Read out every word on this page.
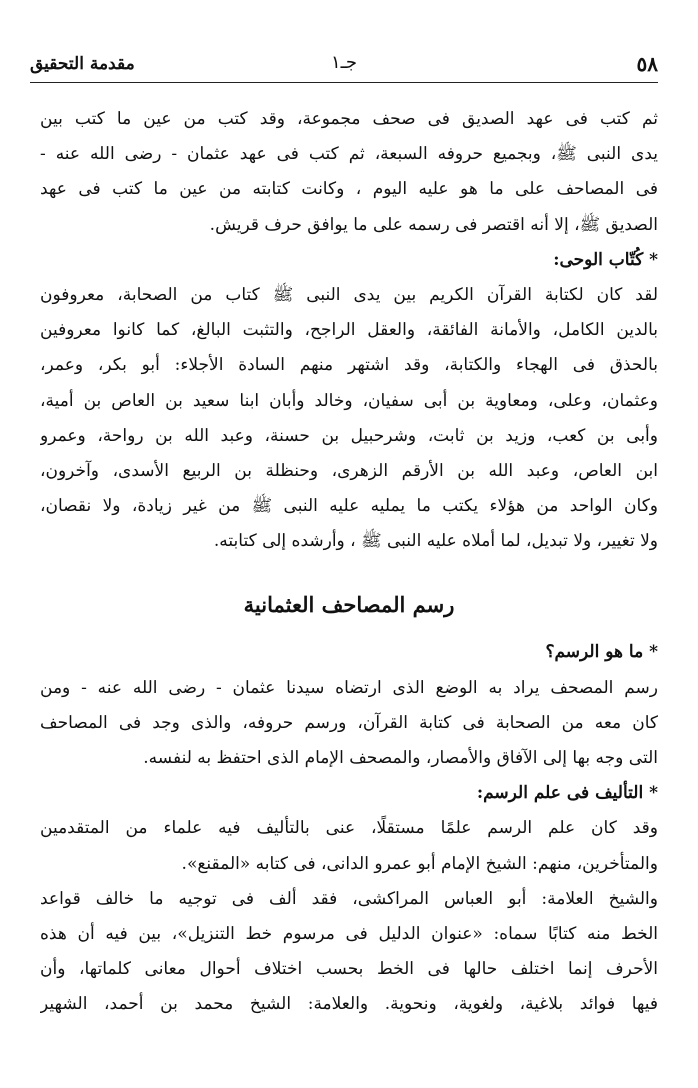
٥٨
جـ١
مقدمة التحقيق
ثم كتب فى عهد الصديق فى صحف مجموعة، وقد كتب من عين ما كتب بين
يدى النبى ﷺ، وبجميع حروفه السبعة، ثم كتب فى عهد عثمان - رضى الله عنه -
فى المصاحف على ما هو عليه اليوم ، وكانت كتابته من عين ما كتب فى عهد
الصديق ﷺ، إلا أنه اقتصر فى رسمه على ما يوافق حرف قريش.
* كُتّاب الوحى:
لقد كان لكتابة القرآن الكريم بين يدى النبى ﷺ كتاب من الصحابة، معروفون
بالدين الكامل، والأمانة الفائقة، والعقل الراجح، والتثبت البالغ، كما كانوا معروفين
بالحذق فى الهجاء والكتابة، وقد اشتهر منهم السادة الأجلاء: أبو بكر، وعمر،
وعثمان، وعلى، ومعاوية بن أبى سفيان، وخالد وأبان ابنا سعيد بن العاص بن أمية،
وأبى بن كعب، وزيد بن ثابت، وشرحبيل بن حسنة، وعبد الله بن رواحة، وعمرو
ابن العاص، وعبد الله بن الأرقم الزهرى، وحنظلة بن الربيع الأسدى، وآخرون،
وكان الواحد من هؤلاء يكتب ما يمليه عليه النبى ﷺ من غير زيادة، ولا نقصان،
ولا تغيير، ولا تبديل، لما أملاه عليه النبى ﷺ ، وأرشده إلى كتابته.
رسم المصاحف العثمانية
* ما هو الرسم؟
رسم المصحف يراد به الوضع الذى ارتضاه سيدنا عثمان - رضى الله عنه - ومن
كان معه من الصحابة فى كتابة القرآن، ورسم حروفه، والذى وجد فى المصاحف
التى وجه بها إلى الآفاق والأمصار، والمصحف الإمام الذى احتفظ به لنفسه.
* التأليف فى علم الرسم:
وقد كان علم الرسم علمًا مستقلًا، عنى بالتأليف فيه علماء من المتقدمين
والمتأخرين، منهم: الشيخ الإمام أبو عمرو الدانى، فى كتابه «المقنع».
والشيخ العلامة: أبو العباس المراكشى، فقد ألف فى توجيه ما خالف قواعد
الخط منه كتابًا سماه: «عنوان الدليل فى مرسوم خط التنزيل»، بين فيه أن هذه
الأحرف إنما اختلف حالها فى الخط بحسب اختلاف أحوال معانى كلماتها، وأن
فيها فوائد بلاغية، ولغوية، ونحوية. والعلامة: الشيخ محمد بن أحمد، الشهير
